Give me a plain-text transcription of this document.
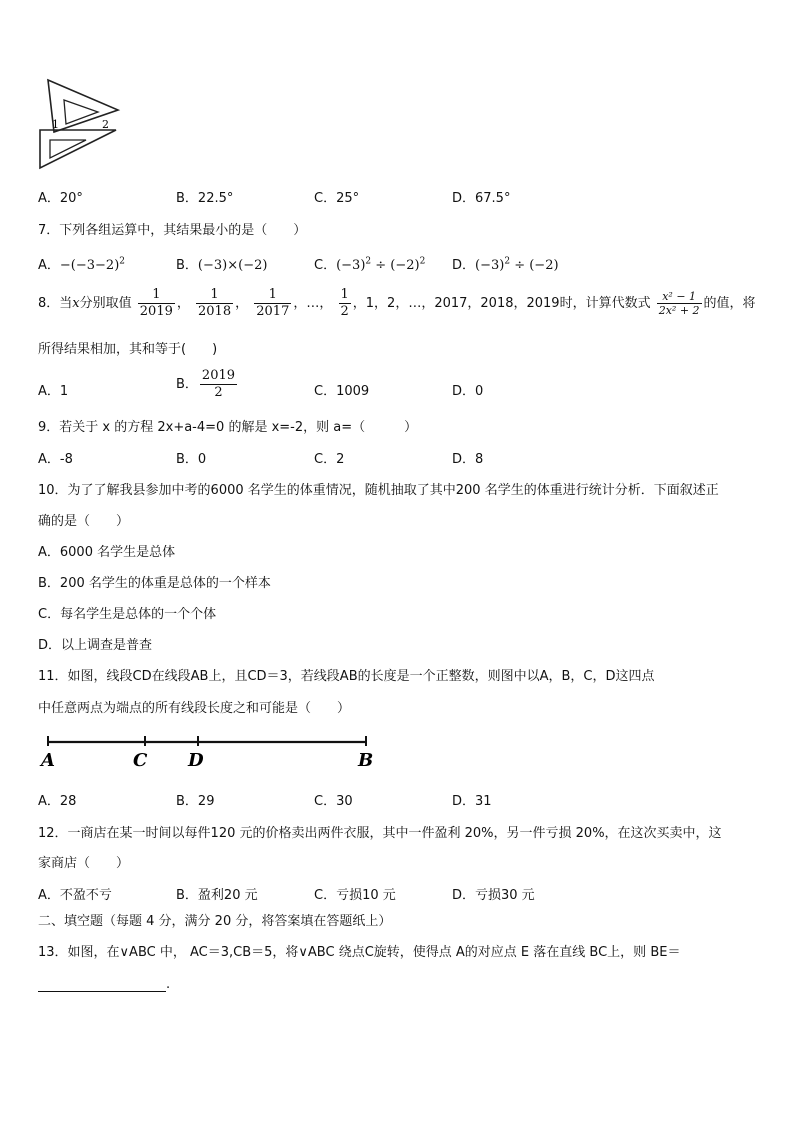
1	2
A．20°	B．22.5°	C．25°	D．67.5°
7．下列各组运算中，其结果最小的是（　　）
A．$-(-3-2)^2$	B．(−3)×(−2)	C．$(-3)^2 \div (-2)^2$ D．$(-3)^2 \div (-2)$
8．当x分别取值 $\frac{1}{2019}$ ， $\frac{1}{2018}$ ， $\frac{1}{2017}$ ，…， $\frac{1}{2}$ ，1，2，…，2017，2018，2019时，计算代数式 $\frac{\text{x² − 1}}{\text{2x² + 2}}$ 的值，将
所得结果相加，其和等于(　　)
A．1	B． $\frac{2019}{2}$	C．1009	D．0
9．若关于 x 的方程 2x+a-4=0 的解是 x=-2，则 a=（　　　）
A．-8	B．0	C．2	D．8
10．为了了解我县参加中考的6000 名学生的体重情况，随机抽取了其中200 名学生的体重进行统计分析．下面叙述正
确的是（　　）
A．6000 名学生是总体
B．200 名学生的体重是总体的一个样本
C．每名学生是总体的一个个体
D．以上调查是普查
11．如图，线段CD在线段AB上，且CD＝3，若线段AB的长度是一个正整数，则图中以A，B，C，D这四点
中任意两点为端点的所有线段长度之和可能是（　　）
A	C D	B
A．28	B．29	C．30	D．31
12．一商店在某一时间以每件120 元的价格卖出两件衣服，其中一件盈利 20%，另一件亏损 20%，在这次买卖中，这
家商店（　　）
A．不盈不亏	B．盈利20 元	C．亏损10 元	D．亏损30 元
二、填空题（每题 4 分，满分 20 分，将答案填在答题纸上）
13．如图，在∨ABC 中， AC＝3,CB＝5，将∨ABC 绕点C旋转，使得点 A的对应点 E 落在直线 BC上，则 BE＝
.
